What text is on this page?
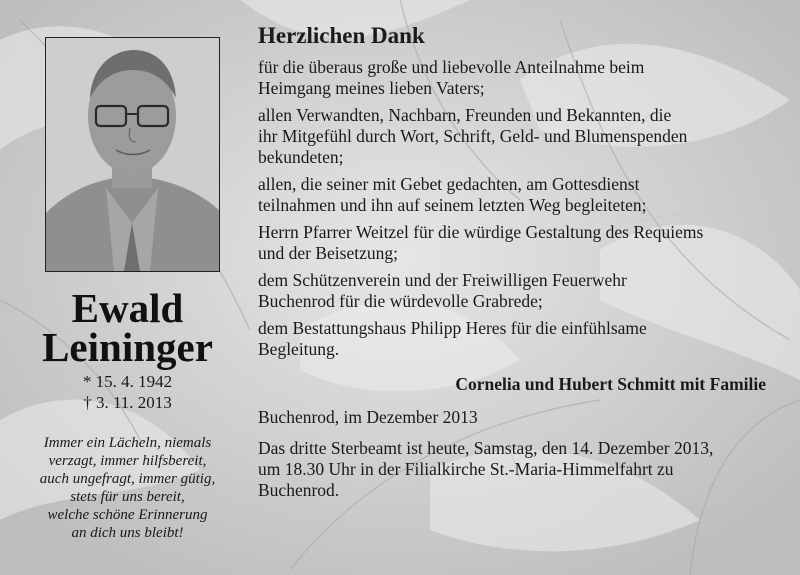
Ewald
Leininger
* 15. 4. 1942
† 3. 11. 2013
Immer ein Lächeln, niemals
verzagt, immer hilfsbereit,
auch ungefragt, immer gütig,
stets für uns bereit,
welche schöne Erinnerung
an dich uns bleibt!
Herzlichen Dank
für die überaus große und liebevolle Anteilnahme beim
Heimgang meines lieben Vaters;
allen Verwandten, Nachbarn, Freunden und Bekannten, die
ihr Mitgefühl durch Wort, Schrift, Geld- und Blumenspenden
bekundeten;
allen, die seiner mit Gebet gedachten, am Gottesdienst
teilnahmen und ihn auf seinem letzten Weg begleiteten;
Herrn Pfarrer Weitzel für die würdige Gestaltung des Requiems
und der Beisetzung;
dem Schützenverein und der Freiwilligen Feuerwehr
Buchenrod für die würdevolle Grabrede;
dem Bestattungshaus Philipp Heres für die einfühlsame
Begleitung.
Cornelia und Hubert Schmitt mit Familie
Buchenrod, im Dezember 2013
Das dritte Sterbeamt ist heute, Samstag, den 14. Dezember 2013,
um 18.30 Uhr in der Filialkirche St.-Maria-Himmelfahrt zu
Buchenrod.
